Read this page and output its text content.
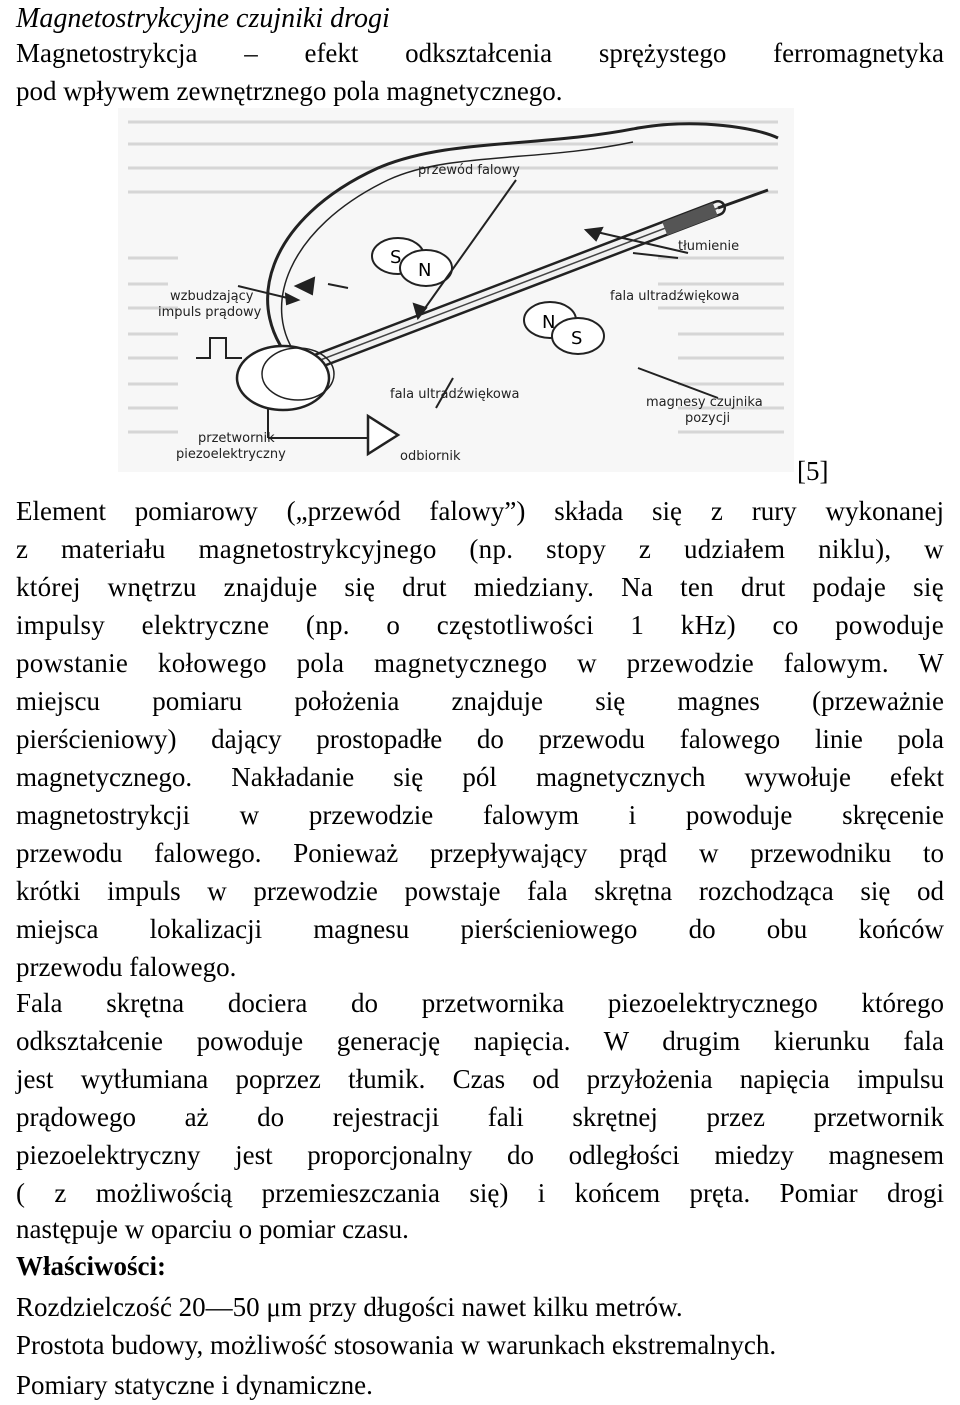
Magnetostrykcyjne czujniki drogi
Magnetostrykcja – efekt odkształcenia sprężystego ferromagnetyka
pod wpływem zewnętrznego pola magnetycznego.
S
N
N
S
przewód falowy
tłumienie
wzbudzający
impuls prądowy
fala ultradźwiękowa
fala ultradźwiękowa
magnesy czujnika
pozycji
przetwornik
piezoelektryczny	odbiornik	[5]
Element pomiarowy („przewód falowy”) składa się z rury wykonanej
z materiału magnetostrykcyjnego (np. stopy z udziałem niklu), w
której wnętrzu znajduje się drut miedziany. Na ten drut podaje się
impulsy elektryczne (np. o częstotliwości 1 kHz) co powoduje
powstanie kołowego pola magnetycznego w przewodzie falowym. W
miejscu pomiaru położenia znajduje się magnes (przeważnie
pierścieniowy) dający prostopadłe do przewodu falowego linie pola
magnetycznego. Nakładanie się pól magnetycznych wywołuje efekt
magnetostrykcji w przewodzie falowym i powoduje skręcenie
przewodu falowego. Ponieważ przepływający prąd w przewodniku to
krótki impuls w przewodzie powstaje fala skrętna rozchodząca się od
miejsca lokalizacji magnesu pierścieniowego do obu końców
przewodu falowego.
Fala skrętna dociera do przetwornika piezoelektrycznego którego
odkształcenie powoduje generację napięcia. W drugim kierunku fala
jest wytłumiana poprzez tłumik. Czas od przyłożenia napięcia impulsu
prądowego aż do rejestracji fali skrętnej przez przetwornik
piezoelektryczny jest proporcjonalny do odległości miedzy magnesem
( z możliwością przemieszczania się) i końcem pręta. Pomiar drogi
następuje w oparciu o pomiar czasu.
Właściwości:
Rozdzielczość 20—50 μm przy długości nawet kilku metrów.
Prostota budowy, możliwość stosowania w warunkach ekstremalnych.
Pomiary statyczne i dynamiczne.
